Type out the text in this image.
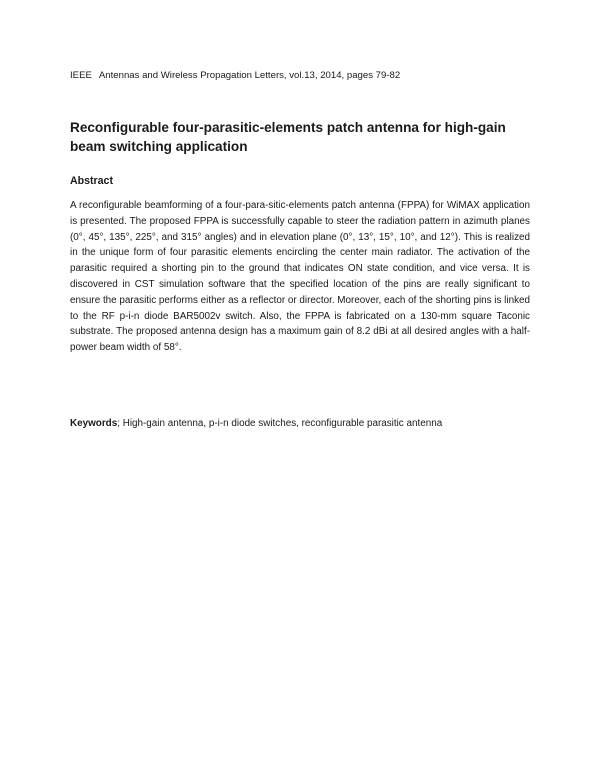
IEEE Antennas and Wireless Propagation Letters, vol.13, 2014, pages 79-82
Reconfigurable four-parasitic-elements patch antenna for high-gain beam switching application
Abstract

A reconfigurable beamforming of a four-para-sitic-elements patch antenna (FPPA) for WiMAX application is presented. The proposed FPPA is successfully capable to steer the radiation pattern in azimuth planes (0°, 45°, 135°, 225°, and 315° angles) and in elevation plane (0°, 13°, 15°, 10°, and 12°). This is realized in the unique form of four parasitic elements encircling the center main radiator. The activation of the parasitic required a shorting pin to the ground that indicates ON state condition, and vice versa. It is discovered in CST simulation software that the specified location of the pins are really significant to ensure the parasitic performs either as a reflector or director. Moreover, each of the shorting pins is linked to the RF p-i-n diode BAR5002v switch. Also, the FPPA is fabricated on a 130-mm square Taconic substrate. The proposed antenna design has a maximum gain of 8.2 dBi at all desired angles with a half-power beam width of 58°.

Keywords; High-gain antenna, p-i-n diode switches, reconfigurable parasitic antenna
